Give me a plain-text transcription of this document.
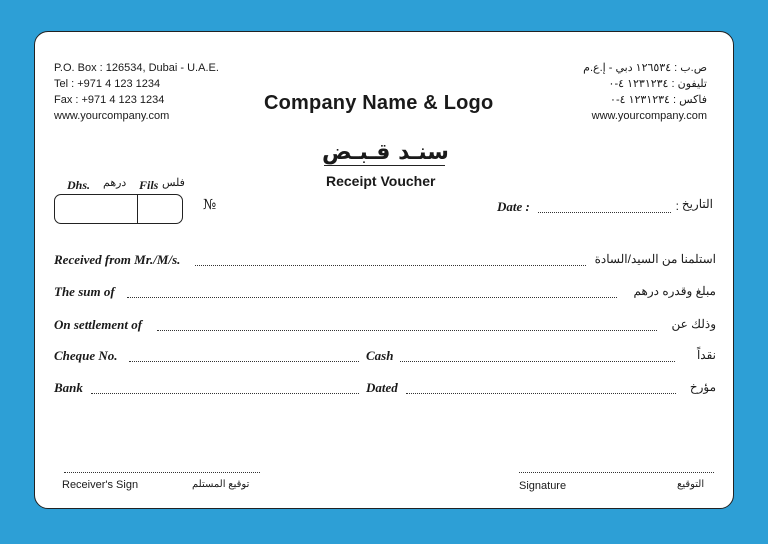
P.O. Box : 126534, Dubai - U.A.E.
Tel : +971 4 123 1234
Fax : +971 4 123 1234
www.yourcompany.com
ص.ب : ١٢٦٥٣٤ دبي - إ.ع.م
تليفون : ١٢٣١٢٣٤ ٤-٠
فاكس : ١٢٣١٢٣٤ ٤-٠
www.yourcompany.com
Company Name & Logo
سنـد قـبـض
Receipt Voucher
Dhs. درهم Fils فلس
№	Date :	: التاريخ
Received from Mr./M/s.	استلمنا من السيد/السادة
The sum of	مبلغ وقدره درهم
On settlement of	وذلك عن
Cheque No.	Cash	نقداً
Bank	Dated	مؤرخ
Receiver's Sign	توقيع المستلم	Signature	التوقيع
